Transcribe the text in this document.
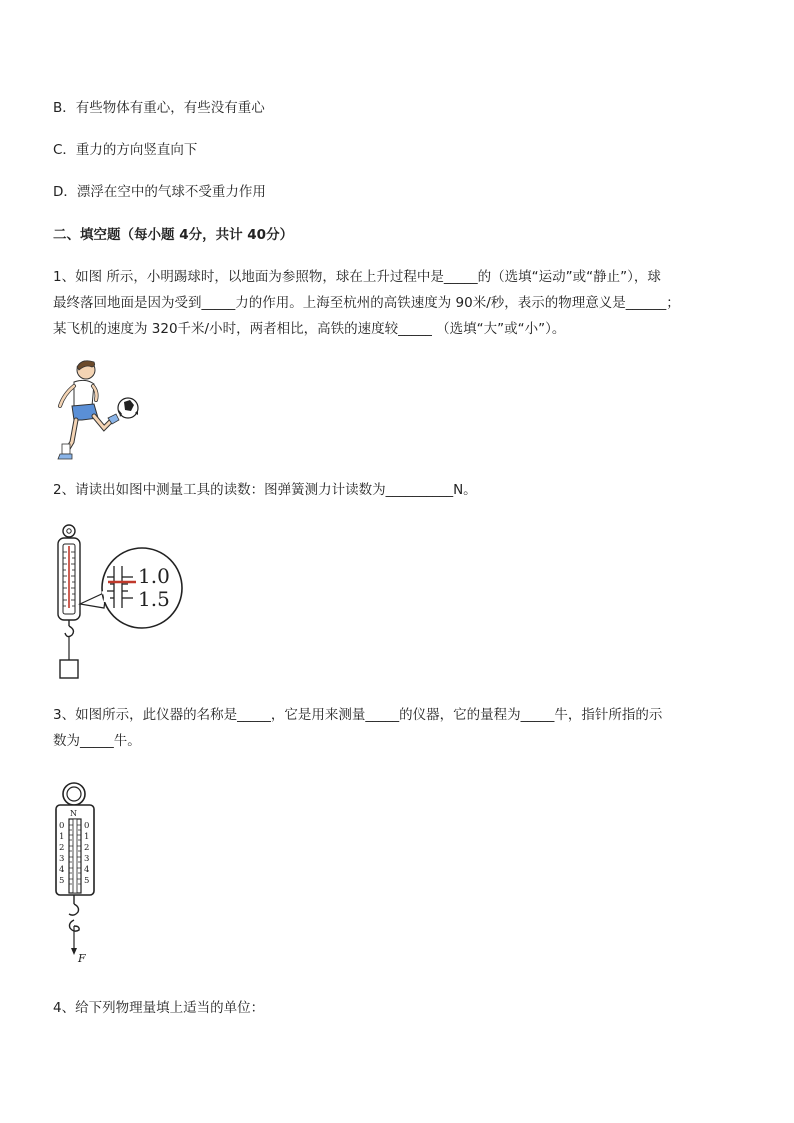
B．有些物体有重心，有些没有重心
C．重力的方向竖直向下
D．漂浮在空中的气球不受重力作用
二、填空题（每小题 4分，共计 40分）
1、如图 所示，小明踢球时，以地面为参照物，球在上升过程中是_____的（选填“运动”或“静止”），球
最终落回地面是因为受到_____力的作用。上海至杭州的高铁速度为 90米/秒，表示的物理意义是______；
某飞机的速度为 320千米/小时，两者相比，高铁的速度较_____ （选填“大”或“小”）。
2、请读出如图中测量工具的读数：图弹簧测力计读数为__________N。
1.0
1.5
3、如图所示，此仪器的名称是_____，它是用来测量_____的仪器，它的量程为_____牛，指针所指的示
数为_____牛。
N
0
1
2
3
4
5
0
1
2
3
4
5
F
4、给下列物理量填上适当的单位：
